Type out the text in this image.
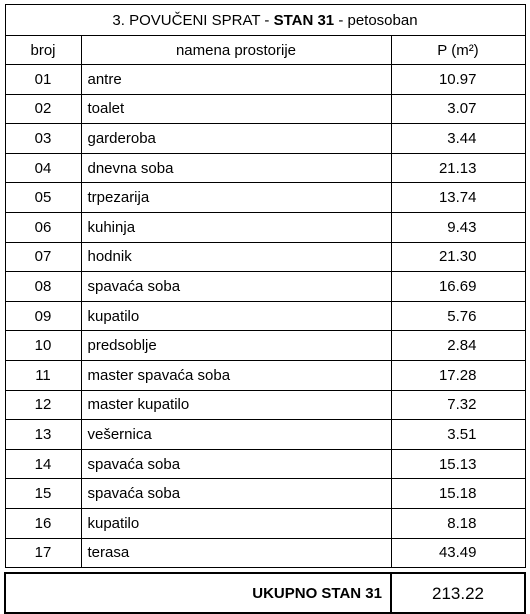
3. POVUČENI SPRAT - STAN 31 - petosoban		
broj	namena prostorije	P (m²)
01	antre	10.97
02	toalet	3.07
03	garderoba	3.44
04	dnevna soba	21.13
05	trpezarija	13.74
06	kuhinja	9.43
07	hodnik	21.30
08	spavaća soba	16.69
09	kupatilo	5.76
10	predsoblje	2.84
11	master spavaća soba	17.28
12	master kupatilo	7.32
13	vešernica	3.51
14	spavaća soba	15.13
15	spavaća soba	15.18
16	kupatilo	8.18
17	terasa	43.49

UKUPNO STAN 31		213.22
